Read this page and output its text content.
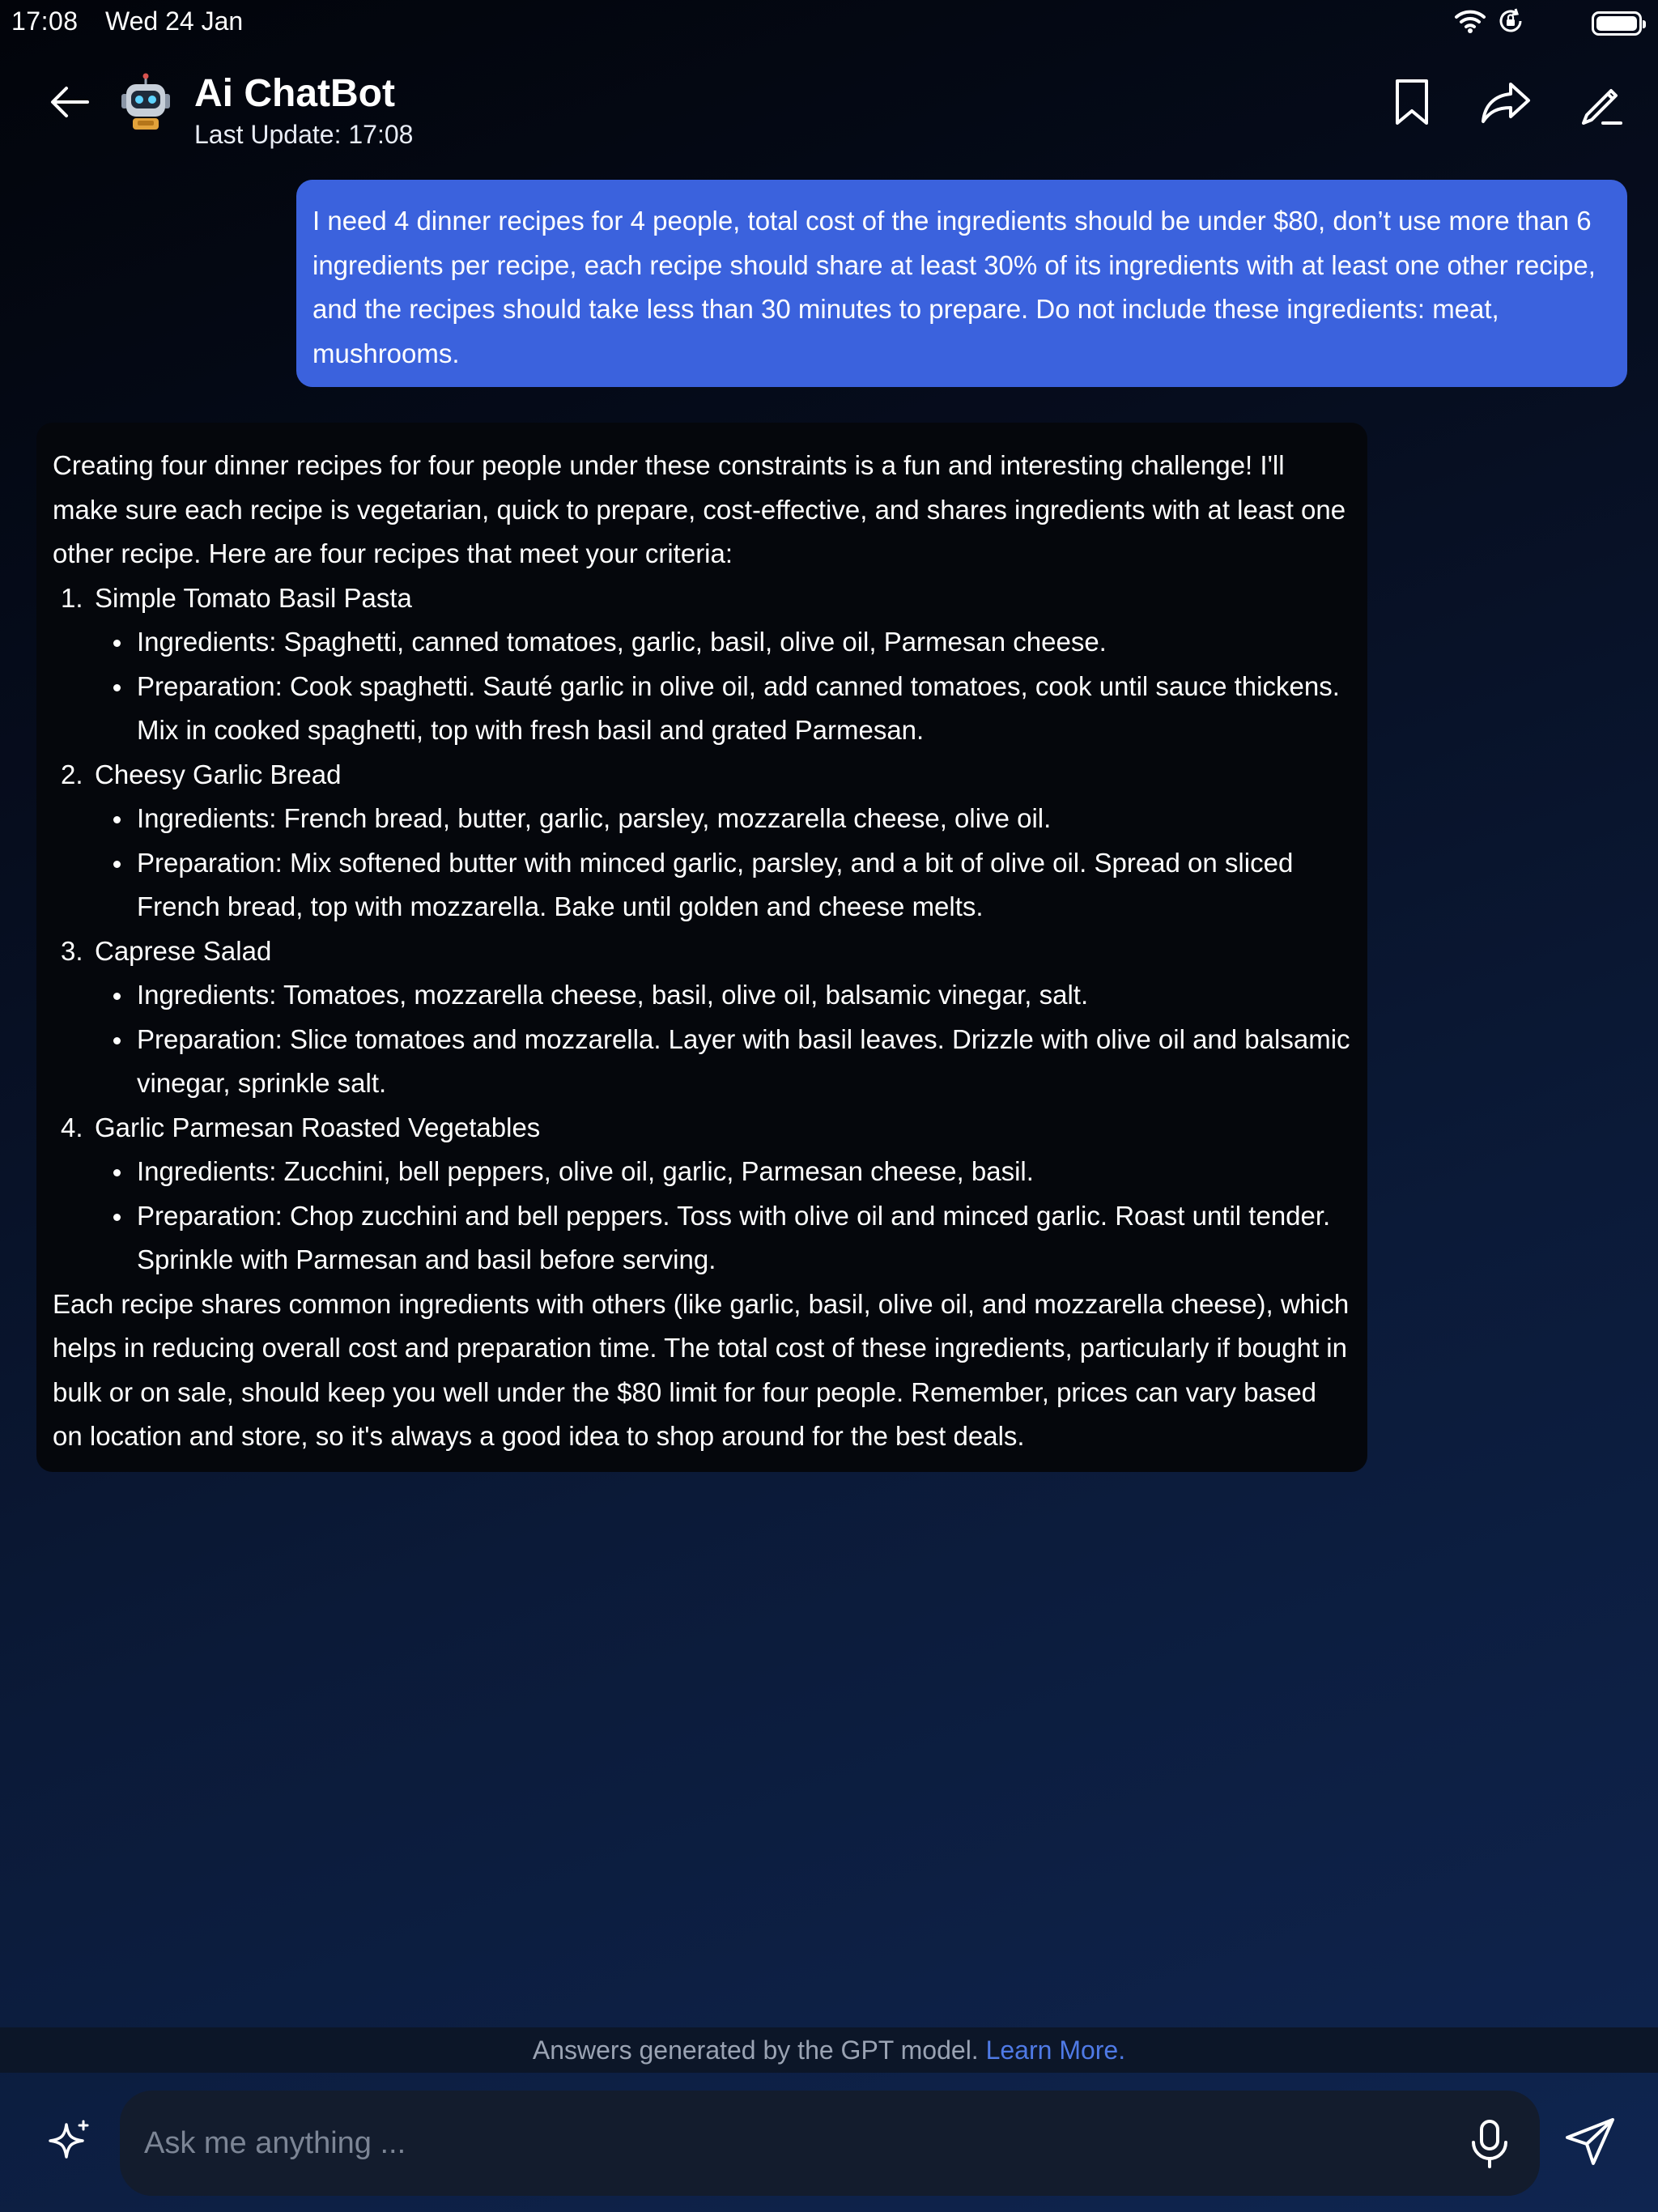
17:08 Wed 24 Jan
Ai ChatBot
Last Update: 17:08
I need 4 dinner recipes for 4 people, total cost of the ingredients should be under $80, don’t use more than 6 ingredients per recipe, each recipe should share at least 30% of its ingredients with at least one other recipe, and the recipes should take less than 30 minutes to prepare. Do not include these ingredients: meat, mushrooms.

Creating four dinner recipes for four people under these constraints is a fun and interesting challenge! I'll make sure each recipe is vegetarian, quick to prepare, cost-effective, and shares ingredients with at least one other recipe. Here are four recipes that meet your criteria:

1. Simple Tomato Basil Pasta
Ingredients: Spaghetti, canned tomatoes, garlic, basil, olive oil, Parmesan cheese.
Preparation: Cook spaghetti. Sauté garlic in olive oil, add canned tomatoes, cook until sauce thickens. Mix in cooked spaghetti, top with fresh basil and grated Parmesan.
2. Cheesy Garlic Bread
Ingredients: French bread, butter, garlic, parsley, mozzarella cheese, olive oil.
Preparation: Mix softened butter with minced garlic, parsley, and a bit of olive oil. Spread on sliced French bread, top with mozzarella. Bake until golden and cheese melts.
3. Caprese Salad
Ingredients: Tomatoes, mozzarella cheese, basil, olive oil, balsamic vinegar, salt.
Preparation: Slice tomatoes and mozzarella. Layer with basil leaves. Drizzle with olive oil and balsamic vinegar, sprinkle salt.
4. Garlic Parmesan Roasted Vegetables
Ingredients: Zucchini, bell peppers, olive oil, garlic, Parmesan cheese, basil.
Preparation: Chop zucchini and bell peppers. Toss with olive oil and minced garlic. Roast until tender. Sprinkle with Parmesan and basil before serving.

Each recipe shares common ingredients with others (like garlic, basil, olive oil, and mozzarella cheese), which helps in reducing overall cost and preparation time. The total cost of these ingredients, particularly if bought in bulk or on sale, should keep you well under the $80 limit for four people. Remember, prices can vary based on location and store, so it's always a good idea to shop around for the best deals.

Answers generated by the GPT model. Learn More.
Ask me anything ...
